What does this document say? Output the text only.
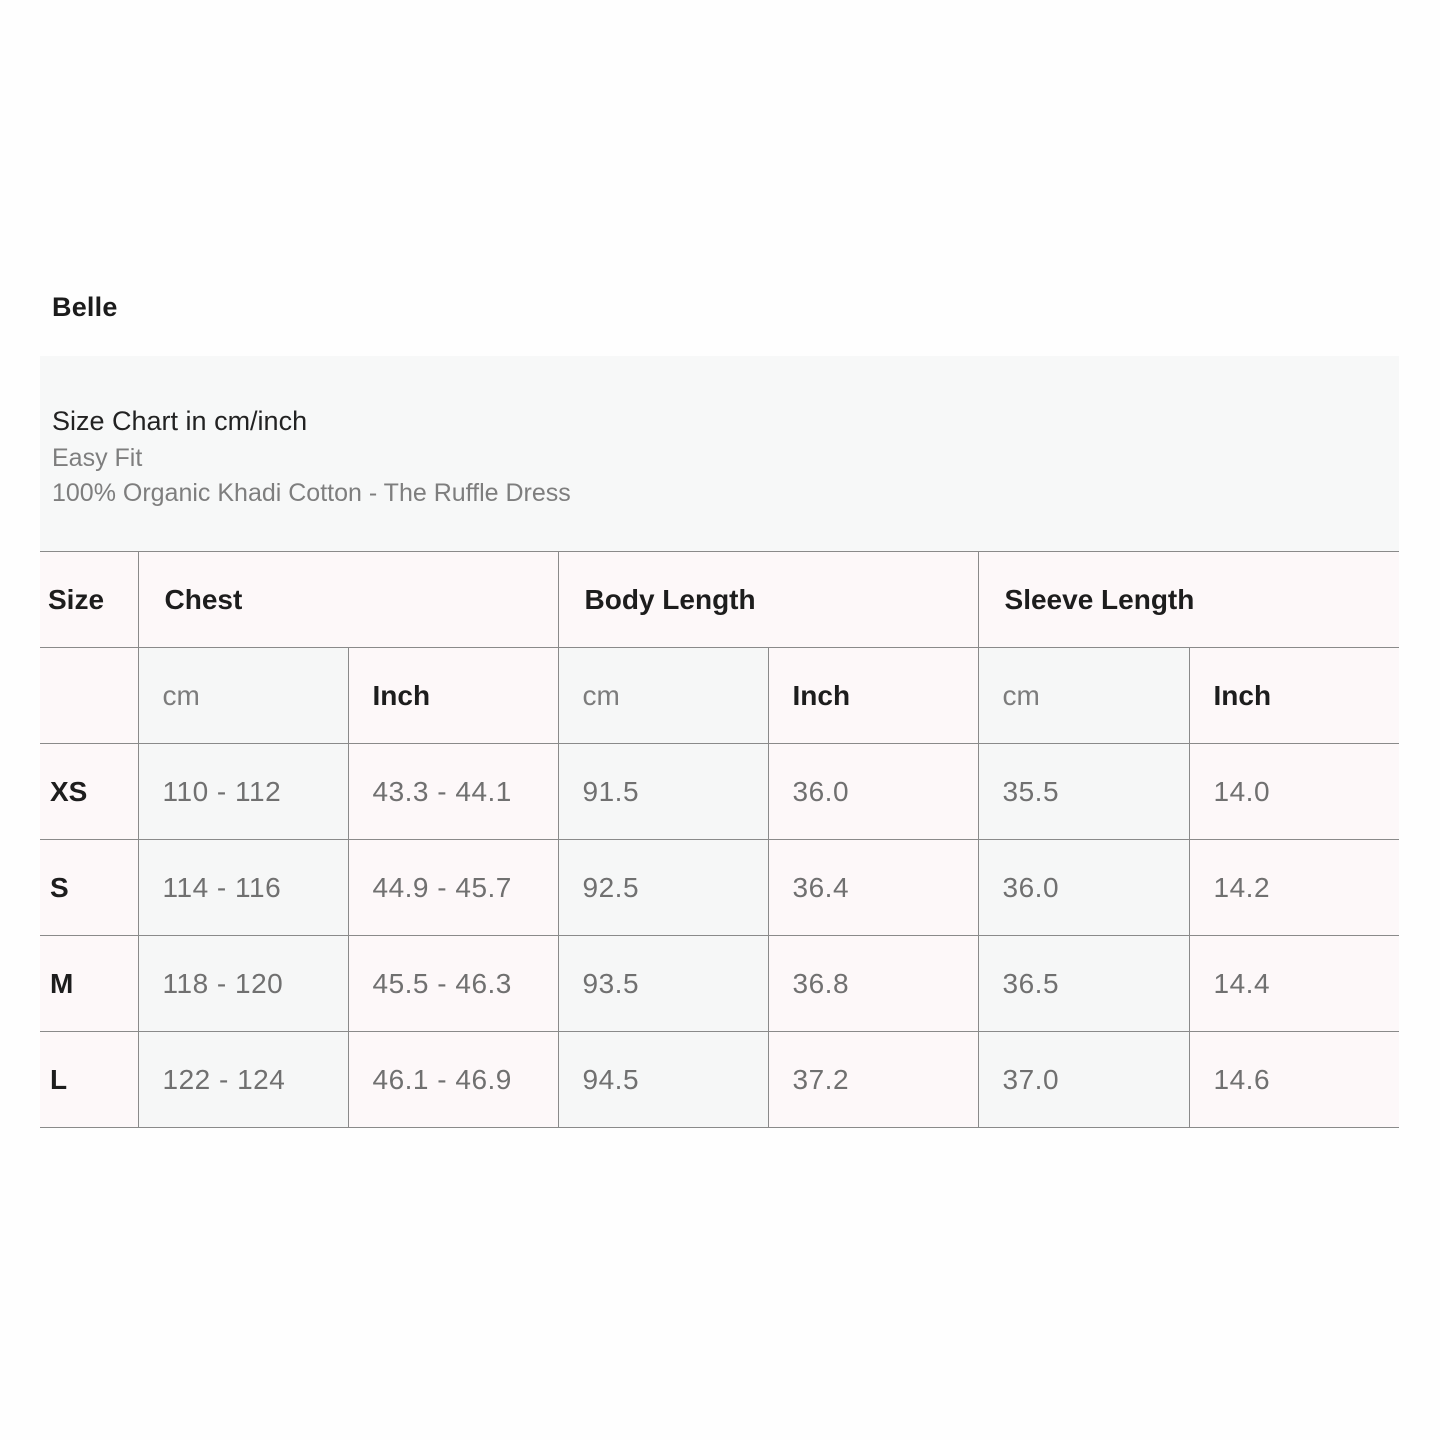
Belle
Size Chart in cm/inch
Easy Fit
100% Organic Khadi Cotton - The Ruffle Dress
Size	Chest		Body Length		Sleeve Length	
	cm	Inch	cm	Inch	cm	Inch
XS	110 - 112	43.3 - 44.1	91.5	36.0	35.5	14.0
S	114 - 116	44.9 - 45.7	92.5	36.4	36.0	14.2
M	118 - 120	45.5 - 46.3	93.5	36.8	36.5	14.4
L	122 - 124	46.1 - 46.9	94.5	37.2	37.0	14.6
